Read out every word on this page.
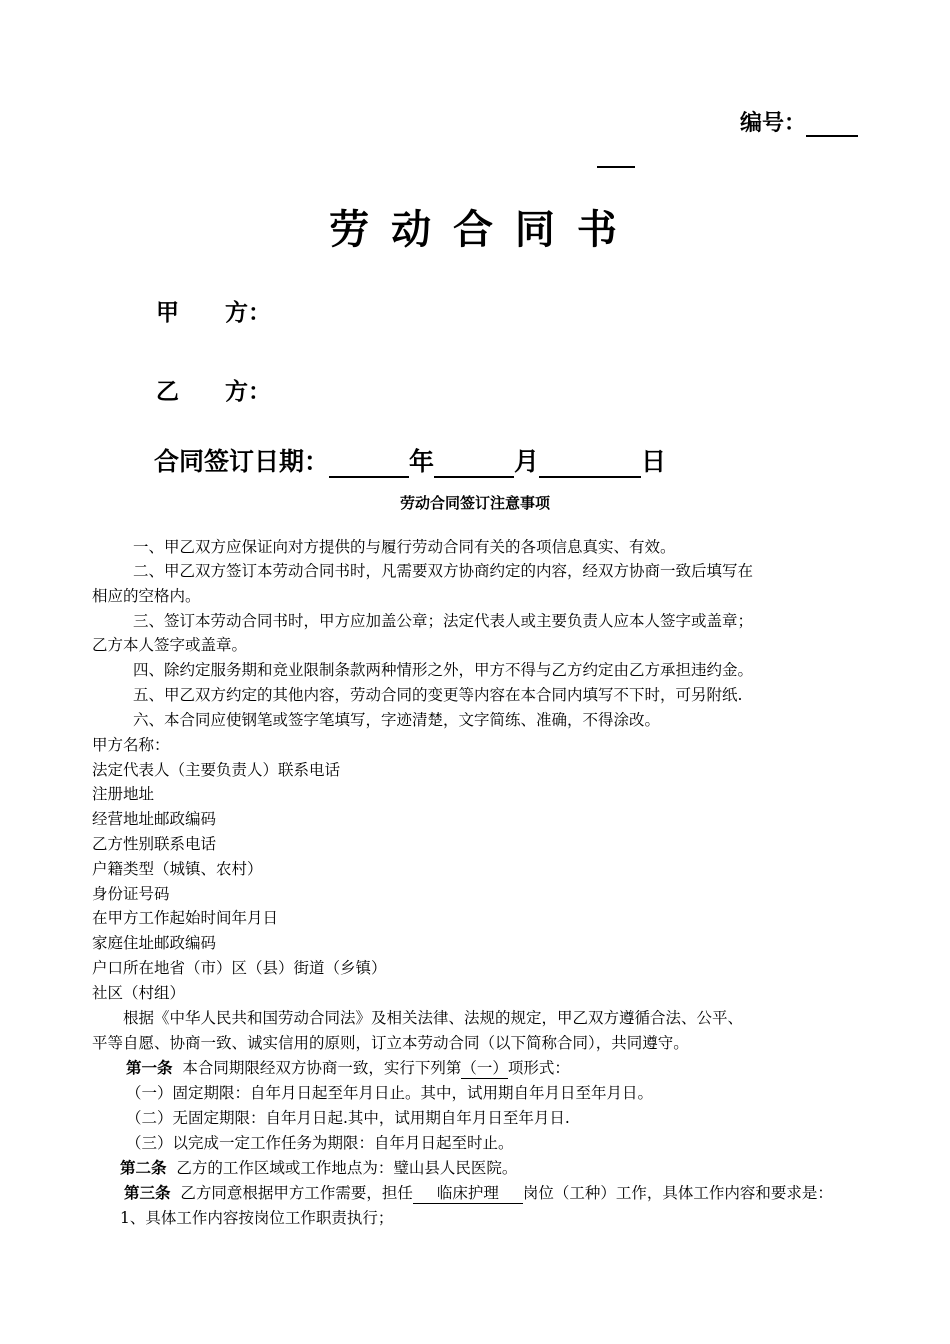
编号：
劳 动 合 同 书
甲　　方：
乙　　方：
合同签订日期：	年	月	日
劳动合同签订注意事项
一、甲乙双方应保证向对方提供的与履行劳动合同有关的各项信息真实、有效。
二、甲乙双方签订本劳动合同书时，凡需要双方协商约定的内容，经双方协商一致后填写在
相应的空格内。
三、签订本劳动合同书时，甲方应加盖公章；法定代表人或主要负责人应本人签字或盖章；
乙方本人签字或盖章。
四、除约定服务期和竞业限制条款两种情形之外，甲方不得与乙方约定由乙方承担违约金。
五、甲乙双方约定的其他内容，劳动合同的变更等内容在本合同内填写不下时，可另附纸.
六、本合同应使钢笔或签字笔填写，字迹清楚，文字简练、准确，不得涂改。
甲方名称：
法定代表人（主要负责人）联系电话
注册地址
经营地址邮政编码
乙方性别联系电话
户籍类型（城镇、农村）
身份证号码
在甲方工作起始时间年月日
家庭住址邮政编码
户口所在地省（市）区（县）街道（乡镇）
社区（村组）
根据《中华人民共和国劳动合同法》及相关法律、法规的规定，甲乙双方遵循合法、公平、
平等自愿、协商一致、诚实信用的原则，订立本劳动合同（以下简称合同），共同遵守。
第一条 本合同期限经双方协商一致，实行下列第（一）项形式：
（一）固定期限：自年月日起至年月日止。其中，试用期自年月日至年月日。
（二）无固定期限：自年月日起.其中，试用期自年月日至年月日.
（三）以完成一定工作任务为期限：自年月日起至时止。
第二条 乙方的工作区域或工作地点为：璧山县人民医院。
第三条 乙方同意根据甲方工作需要，担任 临床护理 岗位（工种）工作，具体工作内容和要求是：
1、具体工作内容按岗位工作职责执行；
